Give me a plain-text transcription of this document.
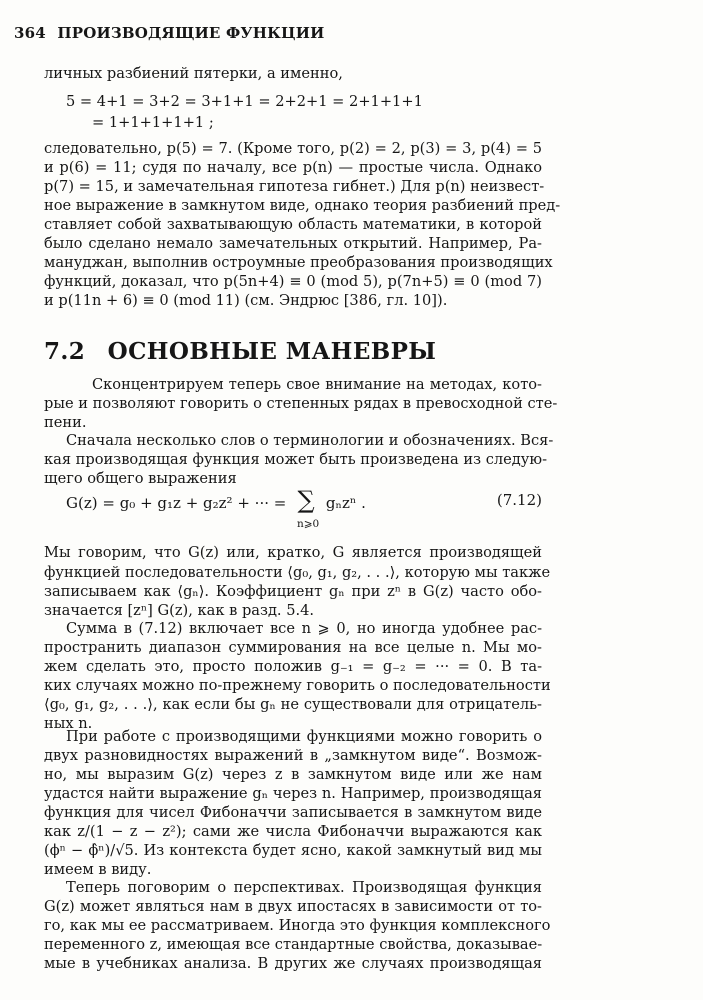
364 ПРОИЗВОДЯЩИЕ ФУНКЦИИ
личных разбиений пятерки, а именно,
5 = 4+1 = 3+2 = 3+1+1 = 2+2+1 = 2+1+1+1
= 1+1+1+1+1 ;
следовательно, p(5) = 7. (Кроме того, p(2) = 2, p(3) = 3, p(4) = 5
и p(6) = 11; судя по началу, все p(n) — простые числа. Однако
p(7) = 15, и замечательная гипотеза гибнет.) Для p(n) неизвест-
ное выражение в замкнутом виде, однако теория разбиений пред-
ставляет собой захватывающую область математики, в которой
было сделано немало замечательных открытий. Например, Ра-
мануджан, выполнив остроумные преобразования производящих
функций, доказал, что p(5n+4) ≡ 0 (mod 5), p(7n+5) ≡ 0 (mod 7)
и p(11n + 6) ≡ 0 (mod 11) (см. Эндрюс [386, гл. 10]).
7.2 ОСНОВНЫЕ МАНЕВРЫ
Сконцентрируем теперь свое внимание на методах, кото-
рые и позволяют говорить о степенных рядах в превосходной сте-
пени.
Сначала несколько слов о терминологии и обозначениях. Вся-
кая производящая функция может быть произведена из следую-
щего общего выражения
G(z) = g₀ + g₁z + g₂z² + ··· = ∑
n⩾0
gₙzⁿ .	(7.12)
Мы говорим, что G(z) или, кратко, G является производящей
функцией последовательности ⟨g₀, g₁, g₂, . . .⟩, которую мы также
записываем как ⟨gₙ⟩. Коэффициент gₙ при zⁿ в G(z) часто обо-
значается [zⁿ] G(z), как в разд. 5.4.
Сумма в (7.12) включает все n ⩾ 0, но иногда удобнее рас-
пространить диапазон суммирования на все целые n. Мы мо-
жем сделать это, просто положив g₋₁ = g₋₂ = ··· = 0. В та-
ких случаях можно по-прежнему говорить о последовательности
⟨g₀, g₁, g₂, . . .⟩, как если бы gₙ не существовали для отрицатель-
ных n.
При работе с производящими функциями можно говорить о
двух разновидностях выражений в „замкнутом виде“. Возмож-
но, мы выразим G(z) через z в замкнутом виде или же нам
удастся найти выражение gₙ через n. Например, производящая
функция для чисел Фибоначчи записывается в замкнутом виде
как z/(1 − z − z²); сами же числа Фибоначчи выражаются как
(ϕⁿ − ϕ̂ⁿ)/√5. Из контекста будет ясно, какой замкнутый вид мы
имеем в виду.
Теперь поговорим о перспективах. Производящая функция
G(z) может являться нам в двух ипостасях в зависимости от то-
го, как мы ее рассматриваем. Иногда это функция комплексного
переменного z, имеющая все стандартные свойства, доказывае-
мые в учебниках анализа. В других же случаях производящая
